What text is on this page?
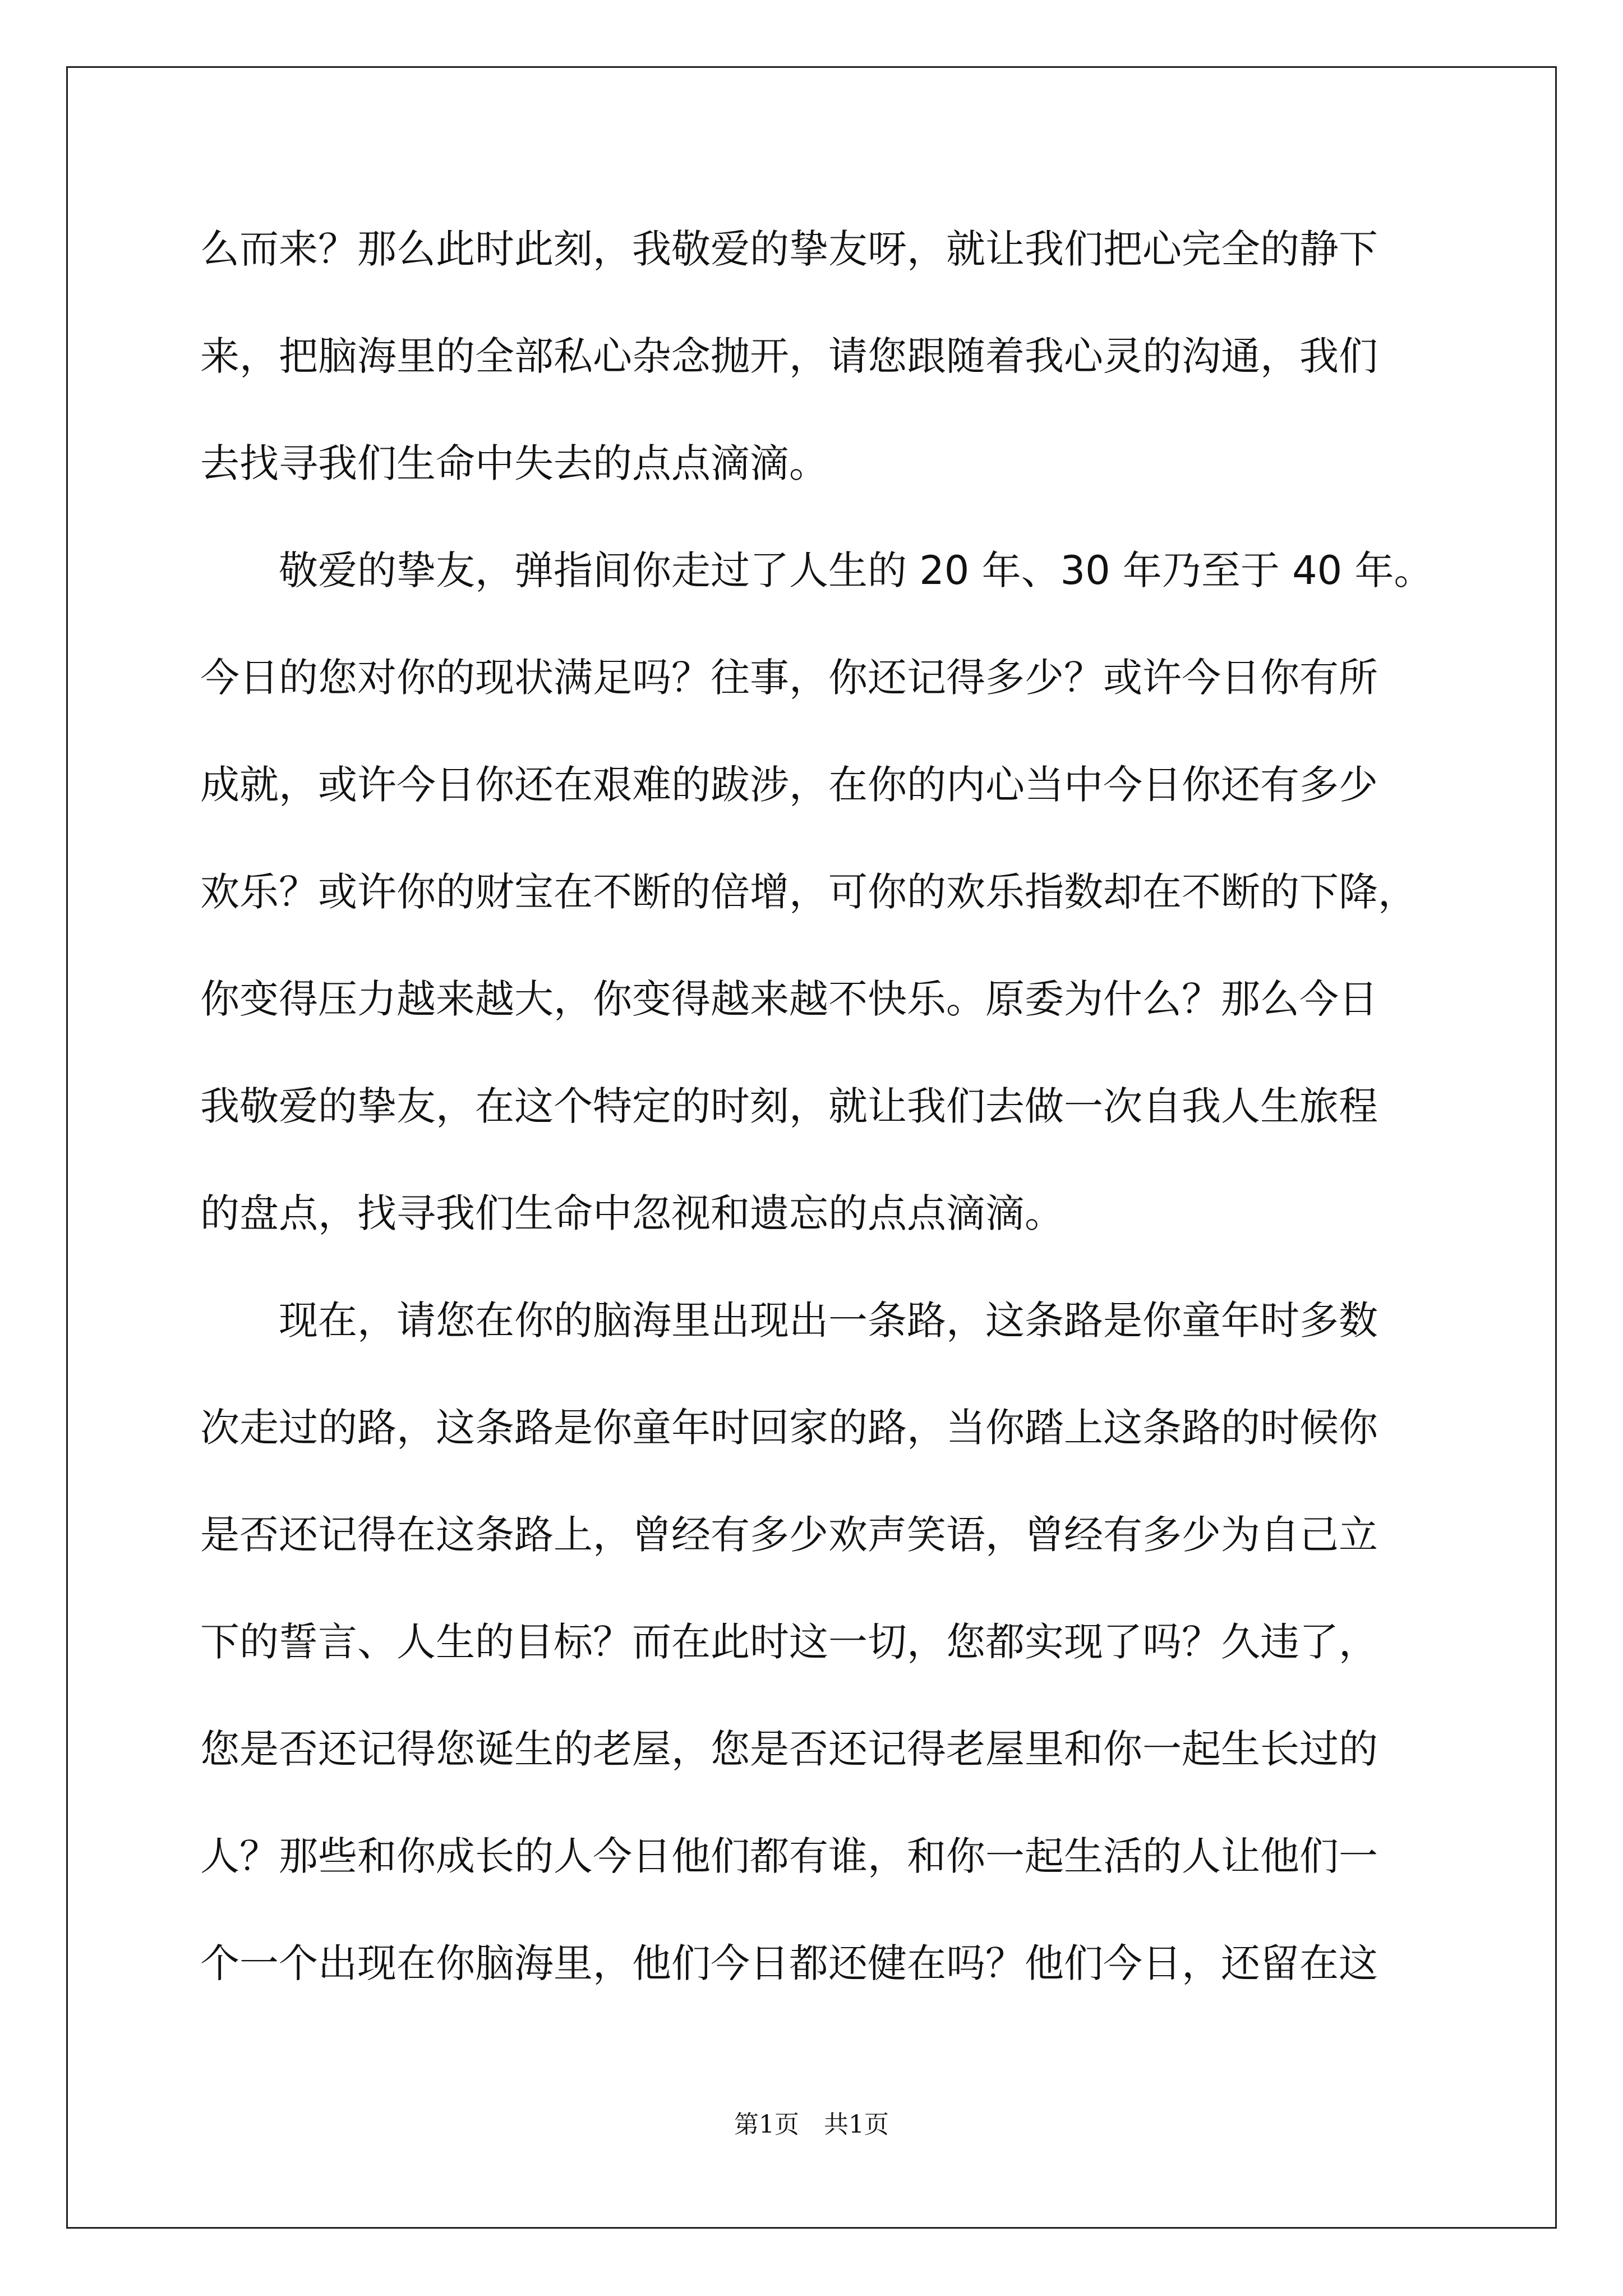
么而来？那么此时此刻，我敬爱的挚友呀，就让我们把心完全的静下
来，把脑海里的全部私心杂念抛开，请您跟随着我心灵的沟通，我们
去找寻我们生命中失去的点点滴滴。
　　敬爱的挚友，弹指间你走过了人生的 20 年、30 年乃至于 40 年。
今日的您对你的现状满足吗？往事，你还记得多少？或许今日你有所
成就，或许今日你还在艰难的跋涉，在你的内心当中今日你还有多少
欢乐？或许你的财宝在不断的倍增，可你的欢乐指数却在不断的下降，
你变得压力越来越大，你变得越来越不快乐。原委为什么？那么今日
我敬爱的挚友，在这个特定的时刻，就让我们去做一次自我人生旅程
的盘点，找寻我们生命中忽视和遗忘的点点滴滴。
　　现在，请您在你的脑海里出现出一条路，这条路是你童年时多数
次走过的路，这条路是你童年时回家的路，当你踏上这条路的时候你
是否还记得在这条路上，曾经有多少欢声笑语，曾经有多少为自己立
下的誓言、人生的目标？而在此时这一切，您都实现了吗？久违了，
您是否还记得您诞生的老屋，您是否还记得老屋里和你一起生长过的
人？那些和你成长的人今日他们都有谁，和你一起生活的人让他们一
个一个出现在你脑海里，他们今日都还健在吗？他们今日，还留在这
第1页　共1页
